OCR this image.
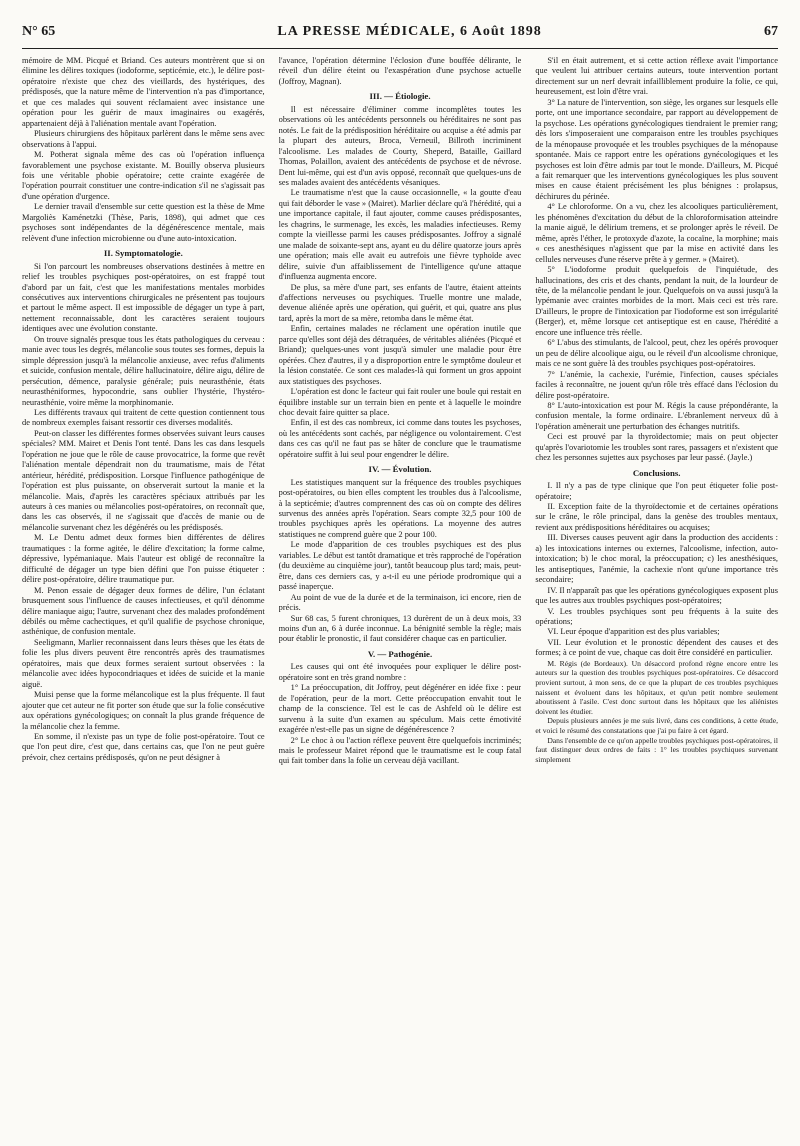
N° 65	LA PRESSE MÉDICALE, 6 Août 1898	67

mémoire de MM. Picqué et Briand. Ces auteurs montrèrent que si on élimine les délires toxiques (iodoforme, septicémie, etc.), le délire post-opératoire n'existe que chez des vieillards, des hystériques, des prédisposés, que la nature même de l'intervention n'a pas d'importance, et que ces malades qui souvent réclamaient avec insistance une opération pour les guérir de maux imaginaires ou exagérés, appartenaient déjà à l'aliénation mentale avant l'opération.

Plusieurs chirurgiens des hôpitaux parlèrent dans le même sens avec observations à l'appui.

M. Potherat signala même des cas où l'opération influença favorablement une psychose existante. M. Bouilly observa plusieurs fois une véritable phobie opératoire; cette crainte exagérée de l'opération pourrait constituer une contre-indication s'il ne s'agissait pas d'une opération d'urgence.

Le dernier travail d'ensemble sur cette question est la thèse de Mme Margoliès Kaménetzki (Thèse, Paris, 1898), qui admet que ces psychoses sont indépendantes de la dégénérescence mentale, mais relèvent d'une infection microbienne ou d'une auto-intoxication.

II. Symptomatologie.

Si l'on parcourt les nombreuses observations destinées à mettre en relief les troubles psychiques post-opératoires, on est frappé tout d'abord par un fait, c'est que les manifestations mentales morbides consécutives aux interventions chirurgicales ne présentent pas toujours et partout le même aspect. Il est impossible de dégager un type à part, nettement reconnaissable, dont les caractères seraient toujours identiques avec une évolution constante.

On trouve signalés presque tous les états pathologiques du cerveau : manie avec tous les degrés, mélancolie sous toutes ses formes, depuis la simple dépression jusqu'à la mélancolie anxieuse, avec refus d'aliments et suicide, confusion mentale, délire hallucinatoire, délire aigu, délire de persécution, démence, paralysie générale; puis neurasthénie, états neurasthéniformes, hypocondrie, sans oublier l'hystérie, l'hystéro-neurasthénie, voire même la morphinomanie.

Les différents travaux qui traitent de cette question contiennent tous de nombreux exemples faisant ressortir ces diverses modalités.

Peut-on classer les différentes formes observées suivant leurs causes spéciales? MM. Mairet et Denis l'ont tenté. Dans les cas dans lesquels l'opération ne joue que le rôle de cause provocatrice, la forme que revêt l'aliénation mentale dépendrait non du traumatisme, mais de l'état antérieur, hérédité, prédisposition. Lorsque l'influence pathogénique de l'opération est plus puissante, on observerait surtout la manie et la mélancolie. Mais, d'après les caractères spéciaux attribués par les auteurs à ces manies ou mélancolies post-opératoires, on reconnaît que, dans les cas observés, il ne s'agissait que d'accès de manie ou de mélancolie survenant chez les dégénérés ou les prédisposés.

M. Le Dentu admet deux formes bien différentes de délires traumatiques : la forme agitée, le délire d'excitation; la forme calme, dépressive, lypémaniaque. Mais l'auteur est obligé de reconnaître la difficulté de dégager un type bien défini que l'on puisse étiqueter : délire post-opératoire, délire traumatique pur.

M. Penon essaie de dégager deux formes de délire, l'un éclatant brusquement sous l'influence de causes infectieuses, et qu'il dénomme délire maniaque aigu; l'autre, survenant chez des malades profondément débilés ou même cachectiques, et qu'il qualifie de psychose chronique, asthénique, de confusion mentale.

Seeligmann, Marlier reconnaissent dans leurs thèses que les états de folie les plus divers peuvent être rencontrés après des traumatismes opératoires, mais que deux formes seraient surtout observées : la mélancolie avec idées hypocondriaques et idées de suicide et la manie aiguë.

Muisi pense que la forme mélancolique est la plus fréquente. Il faut ajouter que cet auteur ne fit porter son étude que sur la folie consécutive aux opérations gynécologiques; on connaît la plus grande fréquence de la mélancolie chez la femme.

En somme, il n'existe pas un type de folie post-opératoire. Tout ce que l'on peut dire, c'est que, dans certains cas, que l'on ne peut guère prévoir, chez certains prédisposés, qu'on ne peut désigner à

l'avance, l'opération détermine l'éclosion d'une bouffée délirante, le réveil d'un délire éteint ou l'exaspération d'une psychose actuelle (Joffroy, Magnan).

III. — Étiologie.

Il est nécessaire d'éliminer comme incomplètes toutes les observations où les antécédents personnels ou héréditaires ne sont pas notés. Le fait de la prédisposition héréditaire ou acquise a été admis par la plupart des auteurs, Broca, Verneuil, Billroth incriminent l'alcoolisme. Les malades de Courty, Sheperd, Bataille, Gaillard Thomas, Polaillon, avaient des antécédents de psychose et de névrose. Dent lui-même, qui est d'un avis opposé, reconnaît que quelques-uns de ses malades avaient des antécédents vésaniques.

Le traumatisme n'est que la cause occasionnelle, « la goutte d'eau qui fait déborder le vase » (Mairet). Marlier déclare qu'à l'hérédité, qui a une importance capitale, il faut ajouter, comme causes prédisposantes, les chagrins, le surmenage, les excès, les maladies infectieuses. Remy compte la vieillesse parmi les causes prédisposantes. Joffroy a signalé une malade de soixante-sept ans, ayant eu du délire quatorze jours après une opération; mais elle avait eu autrefois une fièvre typhoïde avec délire, suivie d'un affaiblissement de l'intelligence qu'une attaque d'influenza augmenta encore.

De plus, sa mère d'une part, ses enfants de l'autre, étaient atteints d'affections nerveuses ou psychiques. Truelle montre une malade, devenue aliénée après une opération, qui guérit, et qui, quatre ans plus tard, après la mort de sa mère, retomba dans le même état.

Enfin, certaines malades ne réclament une opération inutile que parce qu'elles sont déjà des détraquées, de véritables aliénées (Picqué et Briand); quelques-unes vont jusqu'à simuler une maladie pour être opérées. Chez d'autres, il y a disproportion entre le symptôme douleur et la lésion constatée. Ce sont ces malades-là qui forment un gros appoint aux statistiques des psychoses.

L'opération est donc le facteur qui fait rouler une boule qui restait en équilibre instable sur un terrain bien en pente et à laquelle le moindre choc devait faire quitter sa place.

Enfin, il est des cas nombreux, ici comme dans toutes les psychoses, où les antécédents sont cachés, par négligence ou volontairement. C'est dans ces cas qu'il ne faut pas se hâter de conclure que le traumatisme opératoire suffit à lui seul pour engendrer le délire.

IV. — Évolution.

Les statistiques manquent sur la fréquence des troubles psychiques post-opératoires, ou bien elles comptent les troubles dus à l'alcoolisme, à la septicémie; d'autres comprennent des cas où on compte des délires survenus des années après l'opération. Sears compte 32,5 pour 100 de troubles psychiques après les opérations. La moyenne des autres statistiques ne comprend guère que 2 pour 100.

Le mode d'apparition de ces troubles psychiques est des plus variables. Le début est tantôt dramatique et très rapproché de l'opération (du deuxième au cinquième jour), tantôt beaucoup plus tard; mais, peut-être, dans ces derniers cas, y a-t-il eu une période prodromique qui a passé inaperçue.

Au point de vue de la durée et de la terminaison, ici encore, rien de précis.

Sur 68 cas, 5 furent chroniques, 13 durèrent de un à deux mois, 33 moins d'un an, 6 à durée inconnue. La bénignité semble la règle; mais pour établir le pronostic, il faut considérer chaque cas en particulier.

V. — Pathogénie.

Les causes qui ont été invoquées pour expliquer le délire post-opératoire sont en très grand nombre :

1° La préoccupation, dit Joffroy, peut dégénérer en idée fixe : peur de l'opération, peur de la mort. Cette préoccupation envahit tout le champ de la conscience. Tel est le cas de Ashfeld où le délire est survenu à la suite d'un examen au spéculum. Mais cette émotivité exagérée n'est-elle pas un signe de dégénérescence ?

2° Le choc à ou l'action réflexe peuvent être quelquefois incriminés; mais le professeur Mairet répond que le traumatisme est le coup fatal qui fait tomber dans la folie un cerveau déjà vacillant.

S'il en était autrement, et si cette action réflexe avait l'importance que veulent lui attribuer certains auteurs, toute intervention portant directement sur un nerf devrait infailliblement produire la folie, ce qui, heureusement, est loin d'être vrai.

3° La nature de l'intervention, son siège, les organes sur lesquels elle porte, ont une importance secondaire, par rapport au développement de la psychose. Les opérations gynécologiques tiendraient le premier rang; dès lors s'imposeraient une comparaison entre les troubles psychiques de la ménopause provoquée et les troubles psychiques de la ménopause spontanée. Mais ce rapport entre les opérations gynécologiques et les psychoses est loin d'être admis par tout le monde. D'ailleurs, M. Picqué a fait remarquer que les interventions gynécologiques les plus souvent mises en cause étaient précisément les plus bénignes : prolapsus, déchirures du périnée.

4° Le chloroforme. On a vu, chez les alcooliques particulièrement, les phénomènes d'excitation du début de la chloroformisation atteindre la manie aiguë, le délirium tremens, et se prolonger après le réveil. De même, après l'éther, le protoxyde d'azote, la cocaïne, la morphine; mais « ces anesthésiques n'agissent que par la mise en activité dans les cellules nerveuses d'une réserve prête à y germer. » (Mairet).

5° L'iodoforme produit quelquefois de l'inquiétude, des hallucinations, des cris et des chants, pendant la nuit, de la lourdeur de tête, de la mélancolie pendant le jour. Quelquefois on va aussi jusqu'à la lypémanie avec craintes morbides de la mort. Mais ceci est très rare. D'ailleurs, le propre de l'intoxication par l'iodoforme est son irrégularité (Berger), et, même lorsque cet antiseptique est en cause, l'hérédité a encore une influence très réelle.

6° L'abus des stimulants, de l'alcool, peut, chez les opérés provoquer un peu de délire alcoolique aigu, ou le réveil d'un alcoolisme chronique, mais ce ne sont guère là des troubles psychiques post-opératoires.

7° L'anémie, la cachexie, l'urémie, l'infection, causes spéciales faciles à reconnaître, ne jouent qu'un rôle très effacé dans l'éclosion du délire post-opératoire.

8° L'auto-intoxication est pour M. Régis la cause prépondérante, la confusion mentale, la forme ordinaire. L'ébranlement nerveux dû à l'opération amènerait une perturbation des échanges nutritifs.

Ceci est prouvé par la thyroïdectomie; mais on peut objecter qu'après l'ovariotomie les troubles sont rares, passagers et n'existent que chez les personnes sujettes aux psychoses par leur passé. (Jayle.)

Conclusions.

I. Il n'y a pas de type clinique que l'on peut étiqueter folie post-opératoire;

II. Exception faite de la thyroïdectomie et de certaines opérations sur le crâne, le rôle principal, dans la genèse des troubles mentaux, revient aux prédispositions héréditaires ou acquises;

III. Diverses causes peuvent agir dans la production des accidents : a) les intoxications internes ou externes, l'alcoolisme, infection, auto-intoxication; b) le choc moral, la préoccupation; c) les anesthésiques, les antiseptiques, l'anémie, la cachexie n'ont qu'une importance très secondaire;

IV. Il n'apparaît pas que les opérations gynécologiques exposent plus que les autres aux troubles psychiques post-opératoires;

V. Les troubles psychiques sont peu fréquents à la suite des opérations;

VI. Leur époque d'apparition est des plus variables;

VII. Leur évolution et le pronostic dépendent des causes et des formes; à ce point de vue, chaque cas doit être considéré en particulier.

M. Régis (de Bordeaux). Un désaccord profond règne encore entre les auteurs sur la question des troubles psychiques post-opératoires. Ce désaccord provient surtout, à mon sens, de ce que la plupart de ces troubles psychiques naissent et évoluent dans les hôpitaux, et qu'un petit nombre seulement aboutissent à l'asile. C'est donc surtout dans les hôpitaux que les aliénistes doivent les étudier.

Depuis plusieurs années je me suis livré, dans ces conditions, à cette étude, et voici le résumé des constatations que j'ai pu faire à cet égard.

Dans l'ensemble de ce qu'on appelle troubles psychiques post-opératoires, il faut distinguer deux ordres de faits : 1° les troubles psychiques survenant simplement
